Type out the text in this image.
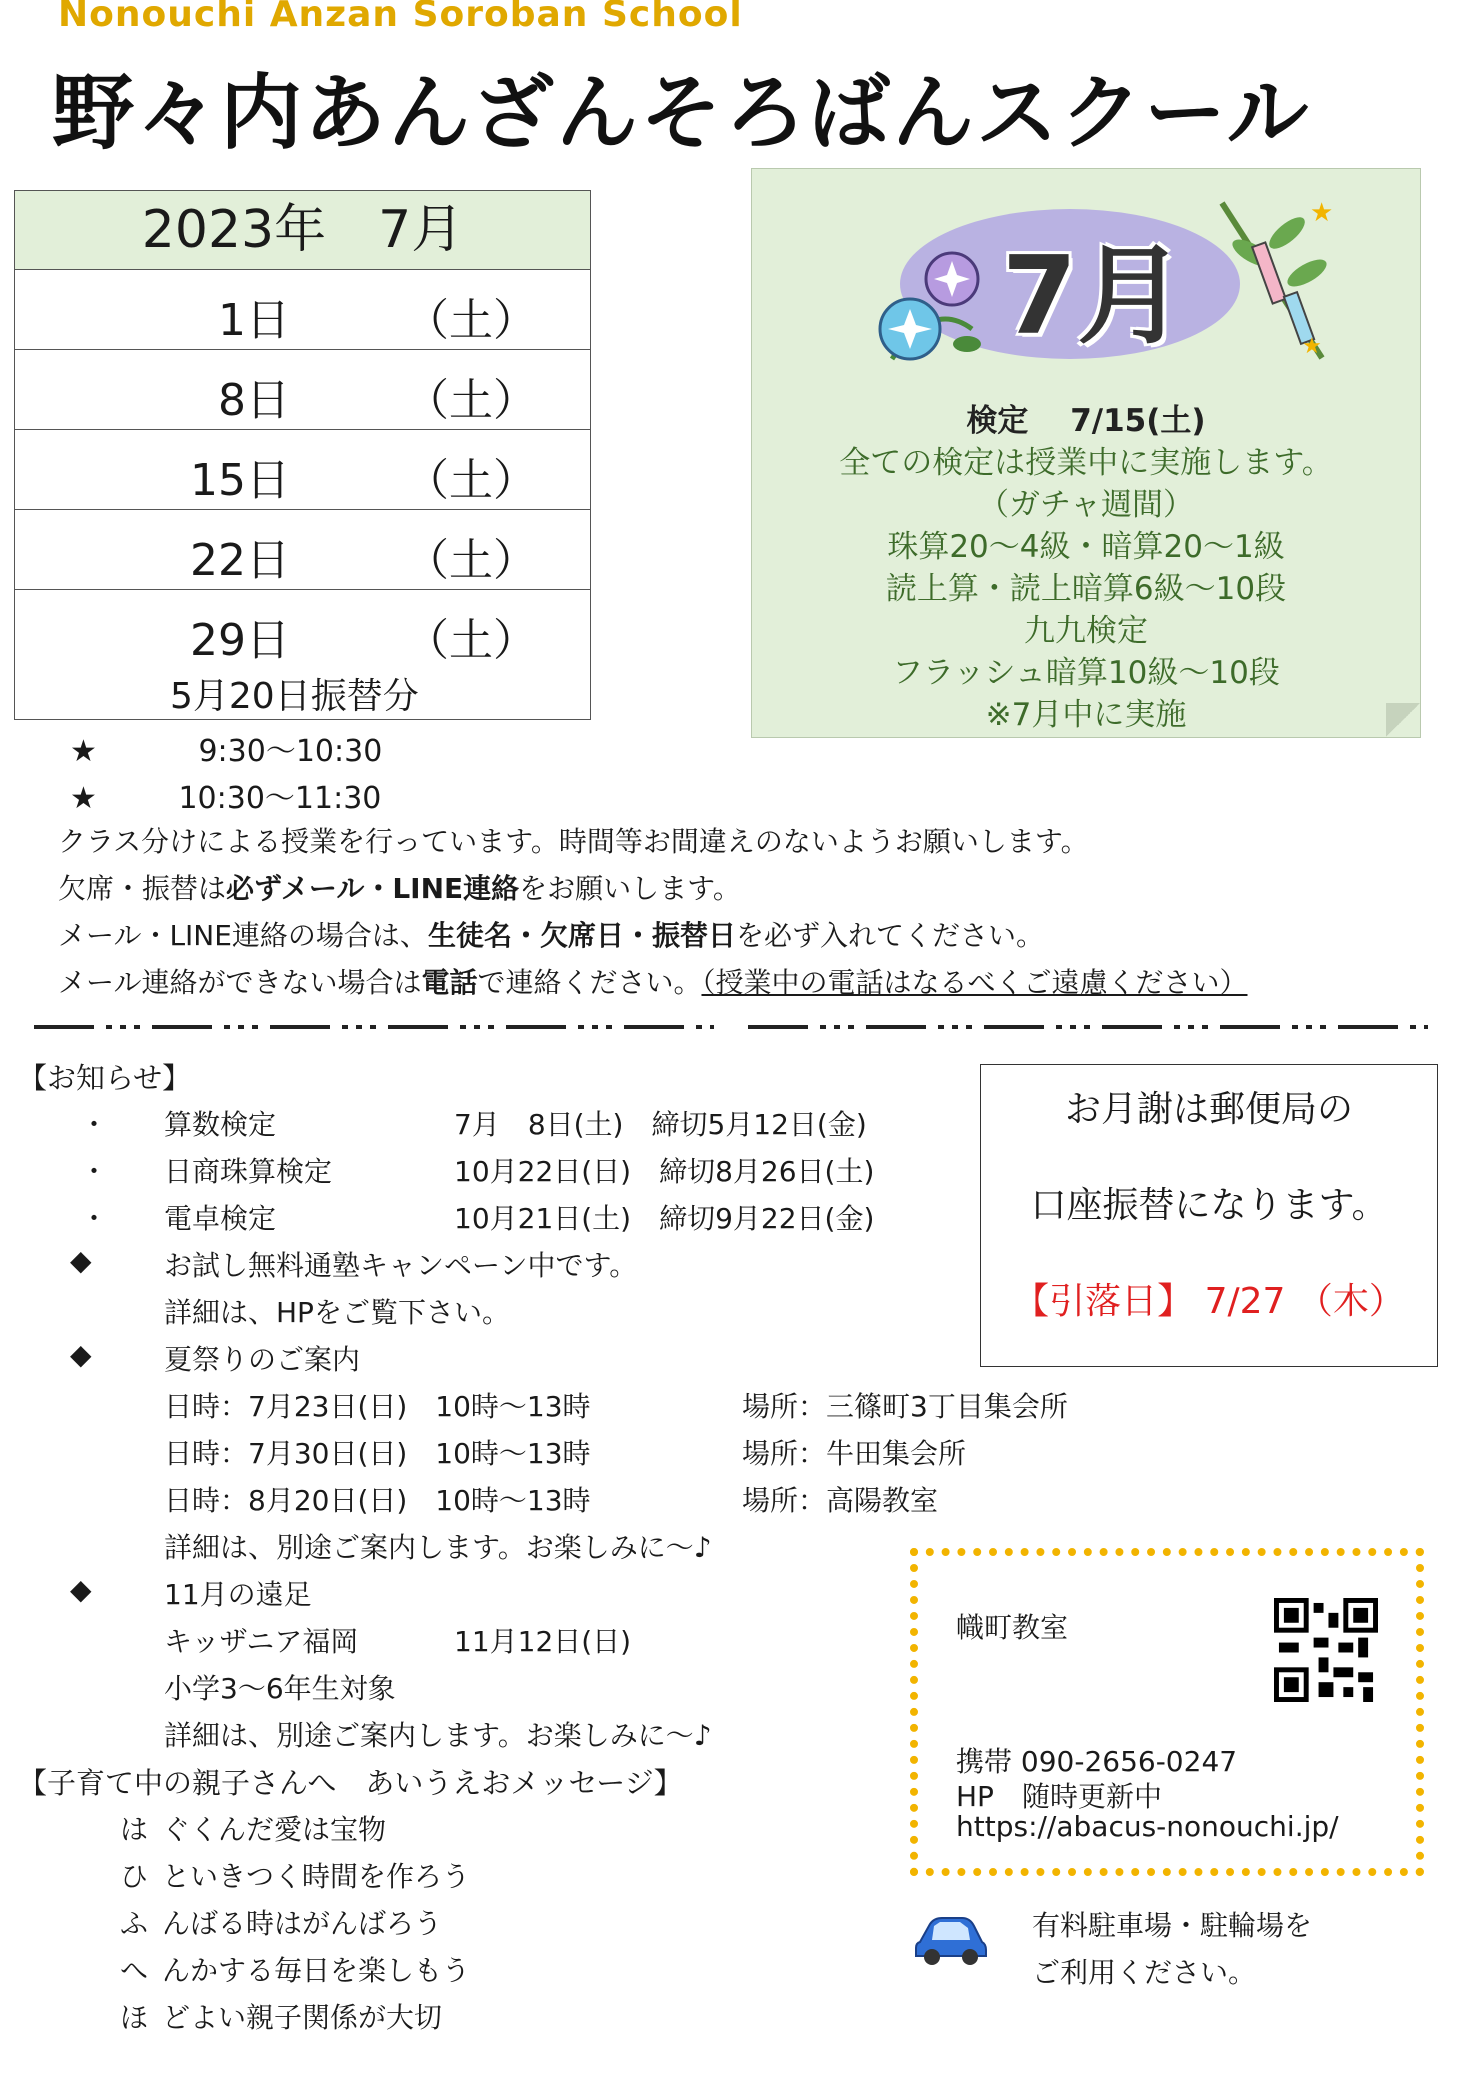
Nonouchi Anzan Soroban School
野々内あんざんそろばんスクール
2023年　7月
1日	（土）
8日	（土）
15日	（土）
22日	（土）
29日	（土）
5月20日振替分
7月
★
★
検定　 7/15(土)
全ての検定は授業中に実施します。
（ガチャ週間）
珠算20～4級・暗算20～1級
読上算・読上暗算6級～10段
九九検定
フラッシュ暗算10級～10段
※7月中に実施
★	9:30～10:30
★	10:30～11:30
クラス分けによる授業を行っています。時間等お間違えのないようお願いします。
欠席・振替は必ずメール・LINE連絡をお願いします。
メール・LINE連絡の場合は、生徒名・欠席日・振替日を必ず入れてください。
メール連絡ができない場合は電話で連絡ください。（授業中の電話はなるべくご遠慮ください）
【お知らせ】
・ 算数検定	7月　8日(土)　締切5月12日(金)
・ 日商珠算検定	10月22日(日)　締切8月26日(土)
・ 電卓検定	10月21日(土)　締切9月22日(金)
◆	お試し無料通塾キャンペーン中です。
詳細は、HPをご覧下さい。
◆	夏祭りのご案内
日時：7月23日(日)　10時～13時	場所：三篠町3丁目集会所
日時：7月30日(日)　10時～13時	場所：牛田集会所
日時：8月20日(日)　10時～13時	場所：高陽教室
詳細は、別途ご案内します。お楽しみに～♪
◆	11月の遠足
キッザニア福岡	11月12日(日)
小学3～6年生対象
詳細は、別途ご案内します。お楽しみに～♪
【子育て中の親子さんへ　あいうえおメッセージ】
は ぐくんだ愛は宝物
ひ といきつく時間を作ろう
ふ んばる時はがんばろう
へ んかする毎日を楽しもう
ほ どよい親子関係が大切
お月謝は郵便局の
口座振替になります。
【引落日】 7/27 （木）
幟町教室
携帯 090-2656-0247
HP　随時更新中
https://abacus-nonouchi.jp/
有料駐車場・駐輪場を
ご利用ください。
